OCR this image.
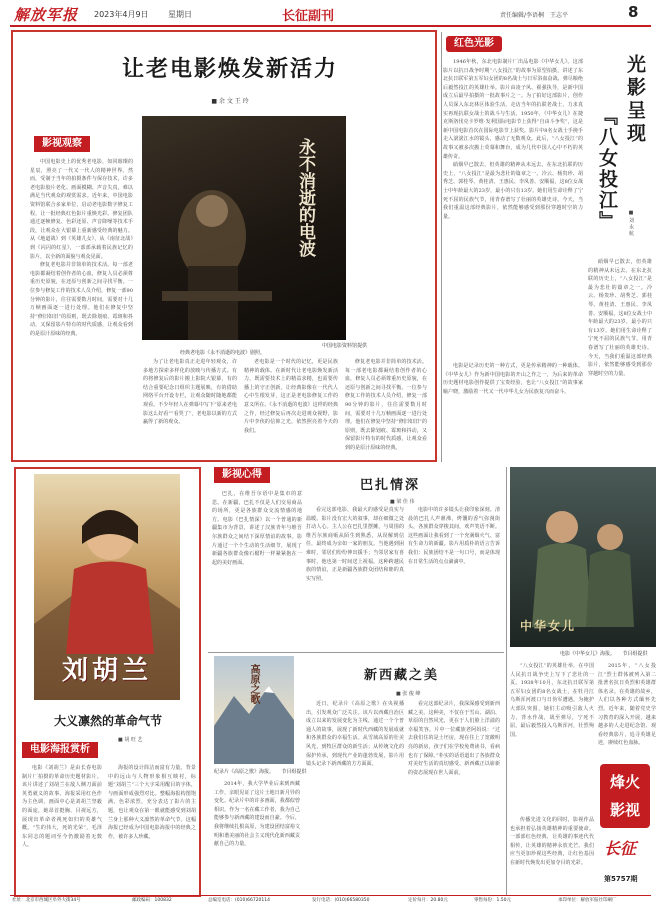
解放军报 2023年4月9日 星期日	长征副刊	责任编辑/李语桐　王志平	8
让老电影焕发新活力
■ 余 文 王 玲
影视观察	永不消逝的电波
中国电影资料馆提供
经典老电影《永不消逝的电波》剧照。

中国电影史上的优秀老电影，如同璀璨的星辰，照亮了一代又一代人的精神世界。然而，受制于当年的拍摄条件与保存技术，许多老电影胶片老化、画面模糊、声音失真，难以满足当代观众的观赏需求。近年来，中国电影资料馆联合多家单位，启动老电影数字修复工程，让一批经典红色影片重焕光彩。修复团队通过逐帧修复、色彩还原、声音降噪等技术手段，让观众在大银幕上重新感受经典的魅力。从《地道战》到《英雄儿女》，从《南征北战》到《闪闪的红星》，一部部承载着民族记忆的影片，以全新的面貌与观众见面。

修复老电影并非简单的技术活。每一部老电影都凝结着创作者的心血，修复人员必须尊重历史原貌，在还原与创新之间寻找平衡。一位参与修复工作的技术人员介绍，修复一部90分钟的影片，往往需要数月时间，需要对十几万帧画面逐一进行处理。他们在修复中坚持“修旧如旧”的原则，既去除划痕、霉斑和抖动，又保留影片特有的时代质感，让观众看到的是原汁原味的经典。

为了让老电影真正走进年轻观众，许多地方探索多样化的放映与传播方式。有的将修复后的影片搬上影院大银幕，有的结合重要纪念日组织主题展映，有的借助网络平台开设专栏，让观众随时随地都能观看。不少年轻人在弹幕中写下“原来老电影这么好看”“看哭了”，老电影以新的方式赢得了新的观众。

老电影是一个时代的记忆，更是民族精神的载体。在新时代让老电影焕发新活力，既需要技术上的精益求精，也需要传播上的守正创新。让经典影像在一代代人心中生根发芽，这正是老电影修复工作的意义所在。《永不消逝的电波》这样的经典之作，经过修复后再次走进观众视野，影片中李侠的信仰之光，依然照亮着今天的我们。

修复老电影并非简单的技术活。每一部老电影都凝结着创作者的心血，修复人员必须尊重历史原貌，在还原与创新之间寻找平衡。一位参与修复工作的技术人员介绍，修复一部90分钟的影片，往往需要数月时间，需要对十几万帧画面逐一进行处理。他们在修复中坚持“修旧如旧”的原则，既去除划痕、霉斑和抖动，又保留影片特有的时代质感，让观众看到的是原汁原味的经典。

红色光影
光影呈现
『八女投江』	■ 刘 永 航

1946年秋，东北电影制片厂出品电影《中华女儿》。这部影片以抗日战争时期“八女投江”的故事为原型拍摄，讲述了东北抗日联军第五军妇女团的8名战士与日军浴血奋战、弹尽粮绝后毅然投江的英雄壮举。影片由凌子风、翟强执导，是新中国成立后最早拍摄的一批故事片之一。为了拍好这部影片，创作人员深入东北林区体验生活，走访当年的抗联老战士，力求真实再现抗联女战士的战斗与生活。1950年，《中华女儿》在捷克斯洛伐克卡罗维·发利国际电影节上获得“自由斗争奖”，这是新中国电影首次在国际电影节上获奖。影片中8名女战士手挽手走入滚滚江水的镜头，感动了无数观众。此后，“八女投江”的故事又被多次搬上荧幕和舞台，成为几代中国人心中不朽的英雄传奇。

硝烟早已散去，但英雄的精神从未远去。在东北抗联的历史上，“八女投江”是最为悲壮的篇章之一。冷云、杨贵珍、胡秀芝、郭桂琴、黄桂清、王惠民、李凤善、安顺福，这8位女战士中年龄最大的23岁，最小的只有13岁。她们用生命诠释了宁死不屈的民族气节，用青春谱写了壮丽的英雄史诗。今天，当我们重温这部经典影片，依然能够感受到那份穿越时空的力量。

电影是记录历史的一种方式，更是传承精神的一种载体。《中华女儿》作为新中国电影的开山之作之一，为后来的革命历史题材电影创作提供了宝贵经验，也让“八女投江”的故事家喻户晓，激励着一代又一代中华儿女为民族复兴而奋斗。

硝烟早已散去，但英雄的精神从未远去。在东北抗联的历史上，“八女投江”是最为悲壮的篇章之一。冷云、杨贵珍、胡秀芝、郭桂琴、黄桂清、王惠民、李凤善、安顺福，这8位女战士中年龄最大的23岁，最小的只有13岁。她们用生命诠释了宁死不屈的民族气节，用青春谱写了壮丽的英雄史诗。今天，当我们重温这部经典影片，依然能够感受到那份穿越时空的力量。

刘胡兰
大义凛然的革命气节
■ 胡 旺 艺
电影海报赏析

电影《刘胡兰》是由长春电影制片厂拍摄的革命历史题材影片。该片讲述了刘胡兰在敌人铡刀面前英勇就义的故事。海报采用红色作为主色调，画面中心是刘胡兰坚毅的面庞，她昂首挺胸、目视远方，展现出革命者视死如归的英雄气概。“生的伟大，死的光荣”，毛泽东同志的题词至今仍激励着无数人。

海报的设计简洁而富有力量。背景中的远山与人物形象相互映衬，标题“刘胡兰”三个大字采用醒目的字体，与画面形成强烈对比。整幅海报构图饱满、色彩浓烈，充分表达了影片的主题，也让观众在第一眼就能感受到刘胡兰身上那种大义凛然的革命气节。这幅海报已经成为中国电影海报中的经典之作，被许多人珍藏。

影视心得
巴扎情深
■ 梁 佳 伟

巴扎，在维吾尔语中是集市的意思。在新疆，巴扎不仅是人们交易商品的场所，更是各族群众交流情感的地方。电影《巴扎情深》以一个普通的新疆集市为背景，讲述了汉族青年与维吾尔族群众之间结下深厚情谊的故事。影片通过一个个生动的生活细节，展现了新疆各族群众像石榴籽一样紧紧抱在一起的美好画面。

看完这部电影，我最大的感受是真实与温暖。影片没有宏大的叙事，却在细微之处打动人心。主人公在巴扎里摆摊，与周围的维吾尔族商贩从陌生到熟悉，从误解到信任，最终成为亲如一家的朋友。当他遇到困难时，邻居们纷纷伸出援手；当邻居家有喜事时，他也第一时间送上祝福。这种跨越民族的情谊，正是新疆各族群众团结和睦的真实写照。

电影中的许多镜头让我印象深刻。清晨的巴扎人声鼎沸，烤馕的香气弥漫街头，各族群众穿梭其间，欢声笑语不断。这些画面让我看到了一个充满烟火气、富有生命力的新疆。影片用质朴的语言告诉我们：民族团结不是一句口号，而是体现在日常生活的点点滴滴中。

高原之歌
纪录片《高原之歌》海报。　　节目组提供
新西藏之美
■ 张 俊 峰

近日，纪录片《高原之歌》在央视播出，引发观众广泛关注。该片以西藏自治区成立以来的发展变化为主线，通过一个个普通人的故事，展现了新时代西藏的发展成就和各族群众的幸福生活。从雪域高原的壮美风光，到牧区群众的新生活；从传统文化的保护传承，到现代产业的蓬勃发展，影片用镜头记录下新西藏的方方面面。

看完这部纪录片，我深深感受到新西藏之美。这种美，不仅在于雪山、湖泊、草原的自然风光，更在于人们脸上洋溢的幸福笑容。片中一位藏族老阿妈说：“过去我们住的是土坯房，现在住上了宽敞明亮的新房，孩子们在学校免费读书，看病也有了保障。”朴实的话语道出了各族群众对美好生活的真切感受。新西藏正以崭新的姿态展现在世人面前。

2014年，我大学毕业后来到西藏工作，亲眼见证了这片土地日新月异的变化。纪录片中的许多画面，我都似曾相识。作为一名在藏工作者，我为自己能够参与新西藏的建设而自豪。今后，我将继续扎根高原，为建设团结富裕文明和谐美丽的社会主义现代化新西藏贡献自己的力量。

中华女儿
电影《中华女儿》海报。　　节目组提供

“八女投江”的英雄壮举，在中国人民抗日战争史上写下了悲壮的一页。1938年10月，东北抗日联军第五军妇女团的8名女战士，在牡丹江乌斯浑河渡口与日伪军遭遇。为掩护大部队突围，她们主动吸引敌人火力，背水作战，战至弹尽，宁死不屈，最后毅然投入乌斯浑河，壮烈殉国。

2015年，“八女投江”烈士群体被列入第二批著名抗日英烈和英雄群体名录。在英雄的故乡，人们以各种方式缅怀先烈。近年来，随着党史学习教育的深入开展，越来越多的人走进纪念馆、观看经典影片，追寻英雄足迹，赓续红色血脉。

传播先进文化的同时，影视作品也承担着弘扬英雄精神的重要使命。一部部红色经典，让英雄的事迹代代相传，让英雄的精神永放光芒。我们应当更加珍视这些经典，让红色基因在新时代焕发出更加夺目的光彩。

烽火影视
长征
第5757期
社址：北京市西城区阜外大街34号	邮政编码：100832	总编室电话：(010)66720114	发行电话：(010)66580350	定价每月：20.80元	零售每份：1.50元	承印单位：解放军报社印刷厂
